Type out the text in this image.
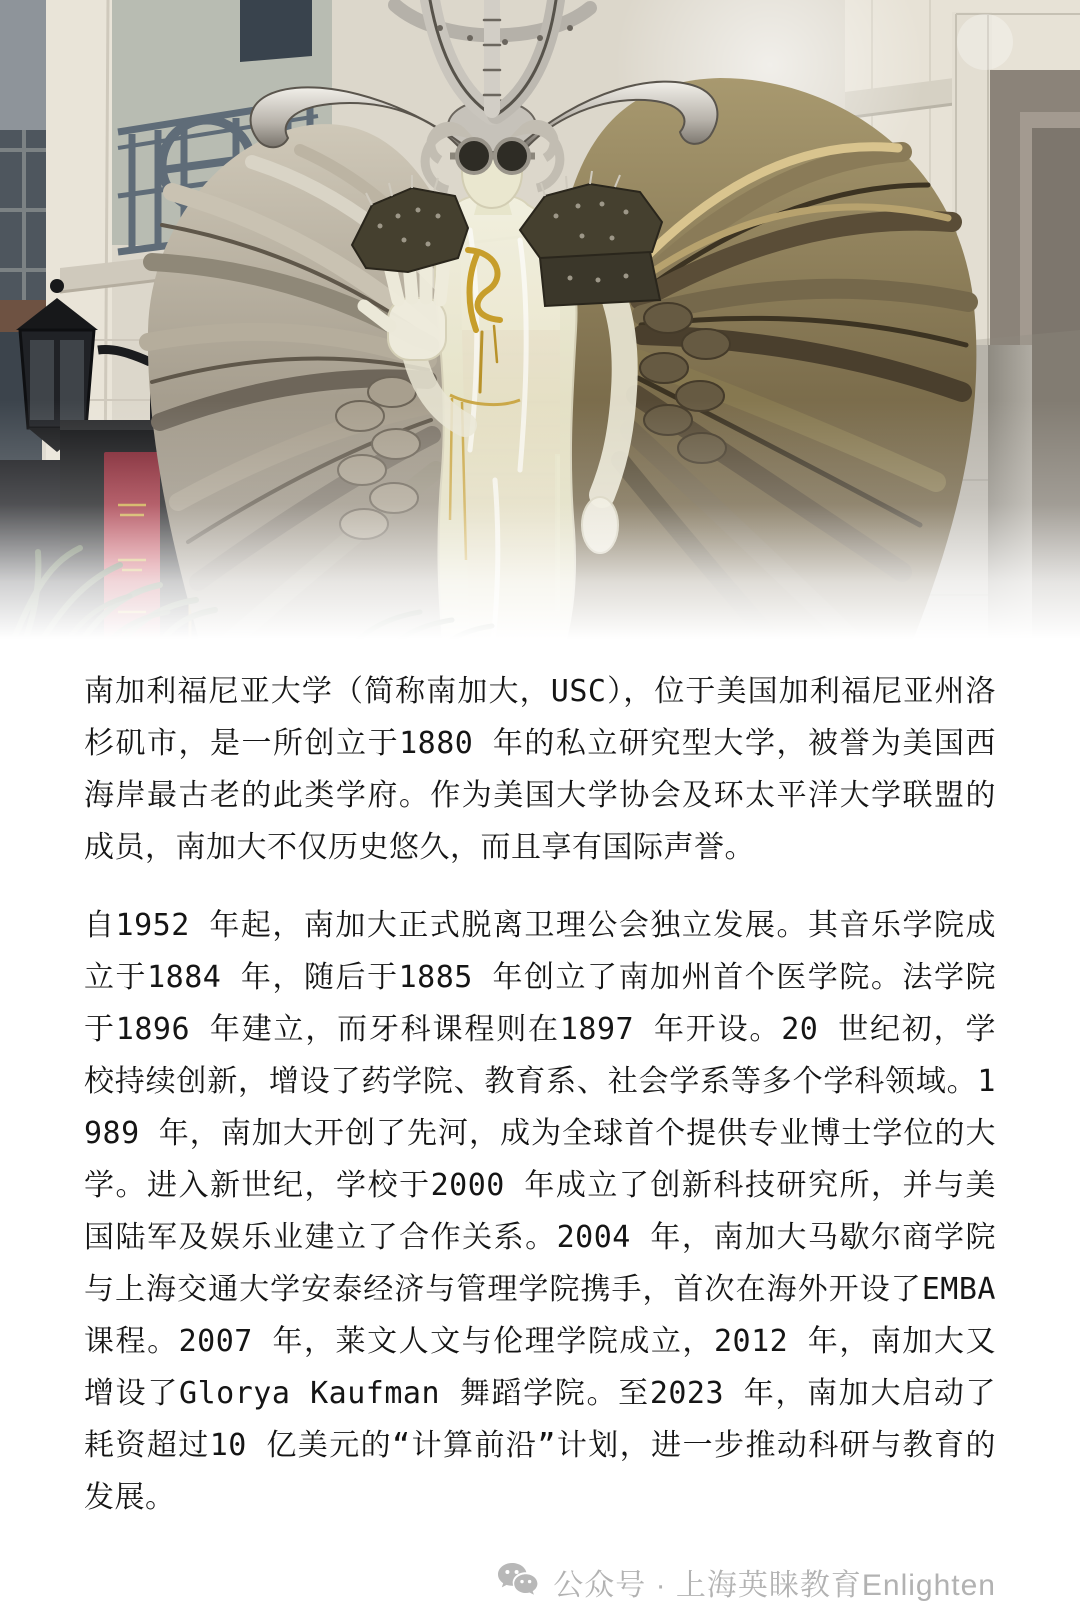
南加利福尼亚大学（简称南加大，USC），位于美国加利福尼亚州洛杉矶市，是一所创立于1880 年的私立研究型大学，被誉为美国西海岸最古老的此类学府。作为美国大学协会及环太平洋大学联盟的成员，南加大不仅历史悠久，而且享有国际声誉。

自1952 年起，南加大正式脱离卫理公会独立发展。其音乐学院成立于1884 年，随后于1885 年创立了南加州首个医学院。法学院于1896 年建立，而牙科课程则在1897 年开设。20 世纪初，学校持续创新，增设了药学院、教育系、社会学系等多个学科领域。1989 年，南加大开创了先河，成为全球首个提供专业博士学位的大学。进入新世纪，学校于2000 年成立了创新科技研究所，并与美国陆军及娱乐业建立了合作关系。2004 年，南加大马歇尔商学院与上海交通大学安泰经济与管理学院携手，首次在海外开设了EMBA 课程。2007 年，莱文人文与伦理学院成立，2012 年，南加大又增设了Glorya Kaufman 舞蹈学院。至2023 年，南加大启动了耗资超过10 亿美元的“计算前沿”计划，进一步推动科研与教育的发展。

公众号 · 上海英睐教育Enlighten
